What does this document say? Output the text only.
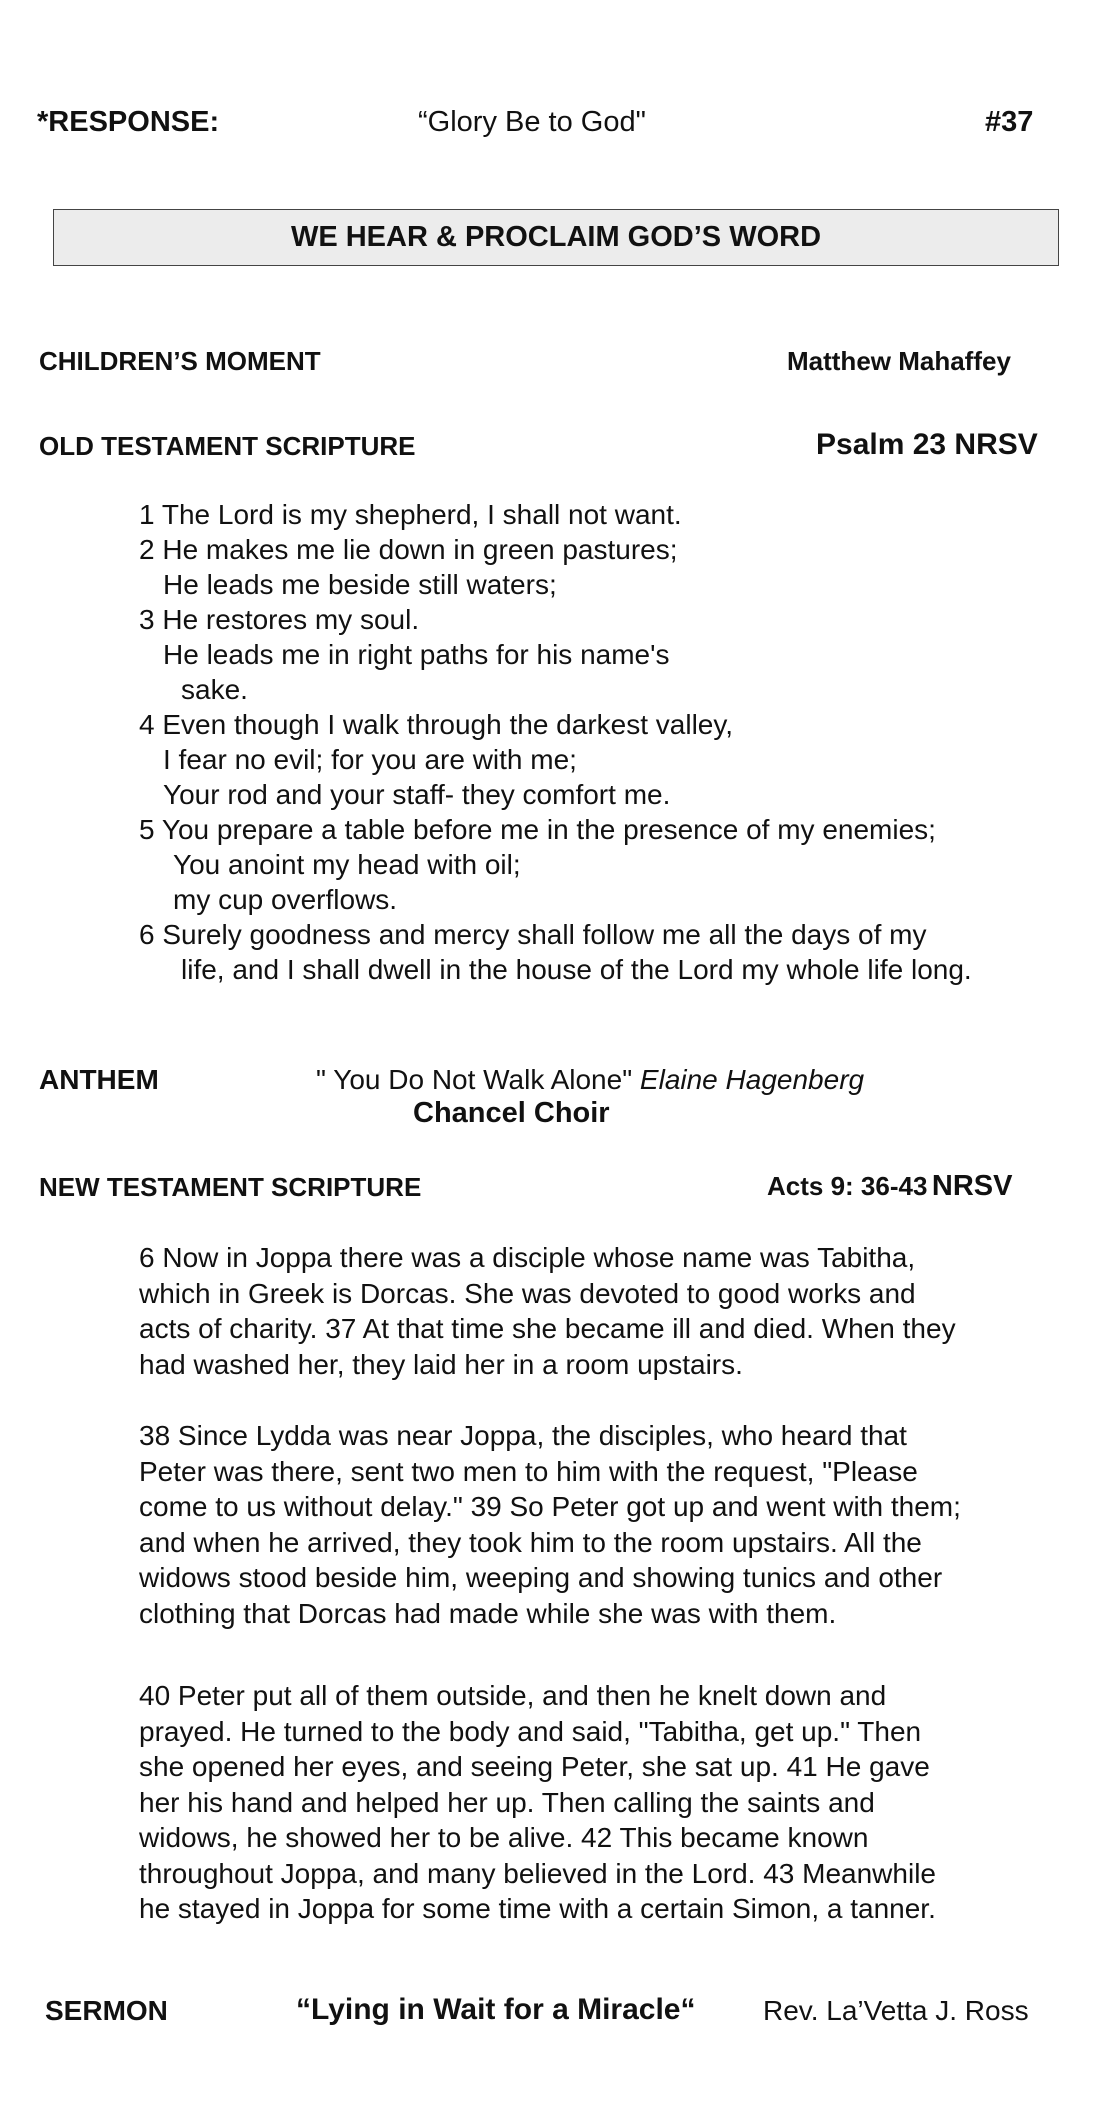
*RESPONSE:	“Glory Be to God"	#37
WE HEAR & PROCLAIM GOD’S WORD
CHILDREN’S MOMENT	Matthew Mahaffey
OLD TESTAMENT SCRIPTURE	Psalm 23 NRSV
1 The Lord is my shepherd, I shall not want.
2 He makes me lie down in green pastures;
He leads me beside still waters;
3 He restores my soul.
He leads me in right paths for his name's
sake.
4 Even though I walk through the darkest valley,
I fear no evil; for you are with me;
Your rod and your staff- they comfort me.
5 You prepare a table before me in the presence of my enemies;
You anoint my head with oil;
my cup overflows.
6 Surely goodness and mercy shall follow me all the days of my
life, and I shall dwell in the house of the Lord my whole life long.
ANTHEM	" You Do Not Walk Alone" Elaine Hagenberg
Chancel Choir
NEW TESTAMENT SCRIPTURE	Acts 9: 36-43 NRSV
6 Now in Joppa there was a disciple whose name was Tabitha,
which in Greek is Dorcas. She was devoted to good works and
acts of charity. 37 At that time she became ill and died. When they
had washed her, they laid her in a room upstairs.
38 Since Lydda was near Joppa, the disciples, who heard that
Peter was there, sent two men to him with the request, "Please
come to us without delay." 39 So Peter got up and went with them;
and when he arrived, they took him to the room upstairs. All the
widows stood beside him, weeping and showing tunics and other
clothing that Dorcas had made while she was with them.
40 Peter put all of them outside, and then he knelt down and
prayed. He turned to the body and said, "Tabitha, get up." Then
she opened her eyes, and seeing Peter, she sat up. 41 He gave
her his hand and helped her up. Then calling the saints and
widows, he showed her to be alive. 42 This became known
throughout Joppa, and many believed in the Lord. 43 Meanwhile
he stayed in Joppa for some time with a certain Simon, a tanner.
SERMON	“Lying in Wait for a Miracle“ Rev. La’Vetta J. Ross
